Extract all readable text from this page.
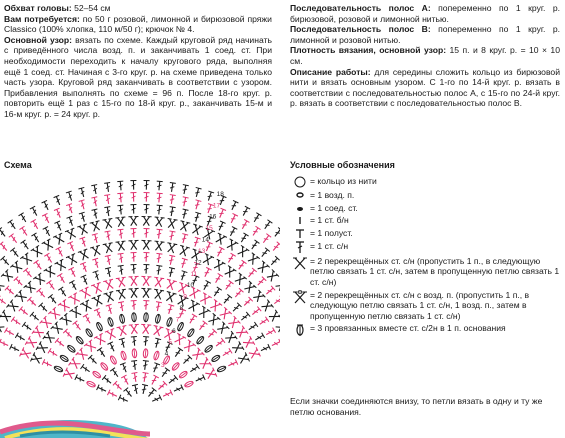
Обхват головы: 52–54 см

Вам потребуется: по 50 г розовой, лимонной и бирюзовой пряжи Classico (100% хлопка, 110 м/50 г); крючок № 4.

Основной узор: вязать по схеме. Каждый круговой ряд начинать с приведённого числа возд. п. и заканчивать 1 соед. ст. При необходимости переходить к началу кругового ряда, выполняя ещё 1 соед. ст. Начиная с 3-го круг. р. на схеме приведена только часть узора. Круговой ряд заканчивать в соответствии с узором. Прибавления выполнять по схеме = 96 п. После 18-го круг. р. повторить ещё 1 раз с 15-го по 18-й круг. р., заканчивать 15-м и 16-м круг. р. = 24 круг. р.

Последовательность полос A: попеременно по 1 круг. р. бирюзовой, розовой и лимонной нитью.

Последовательность полос B: попеременно по 1 круг. р. лимонной и розовой нитью.

Плотность вязания, основной узор: 15 п. и 8 круг. р. = 10 × 10 см.

Описание работы: для середины сложить кольцо из бирюзовой нити и вязать основным узором. С 1-го по 14-й круг. р. вязать в соответствии с последовательностью полос A, с 15-го по 24-й круг. р. вязать в соответствии с последовательностью полос B.

Схема
18
17
16
15
14
13
12
11
10
9
8
7
6
5
4
3
Условные обозначения
= кольцо из нити
= 1 возд. п.
= 1 соед. ст.
= 1 ст. б/н
= 1 полуст.
= 1 ст. с/н
= 2 перекрещённых ст. с/н (пропустить 1 п., в следующую петлю связать 1 ст. с/н, затем в пропущенную петлю связать 1 ст. с/н)
= 2 перекрещённых ст. с/н с возд. п. (пропустить 1 п., в следующую петлю связать 1 ст. с/н, 1 возд. п., затем в пропущенную петлю связать 1 ст. с/н)
= 3 провязанных вместе ст. с/2н в 1 п. основания
Если значки соединяются внизу, то петли вязать в одну и ту же петлю основания.
